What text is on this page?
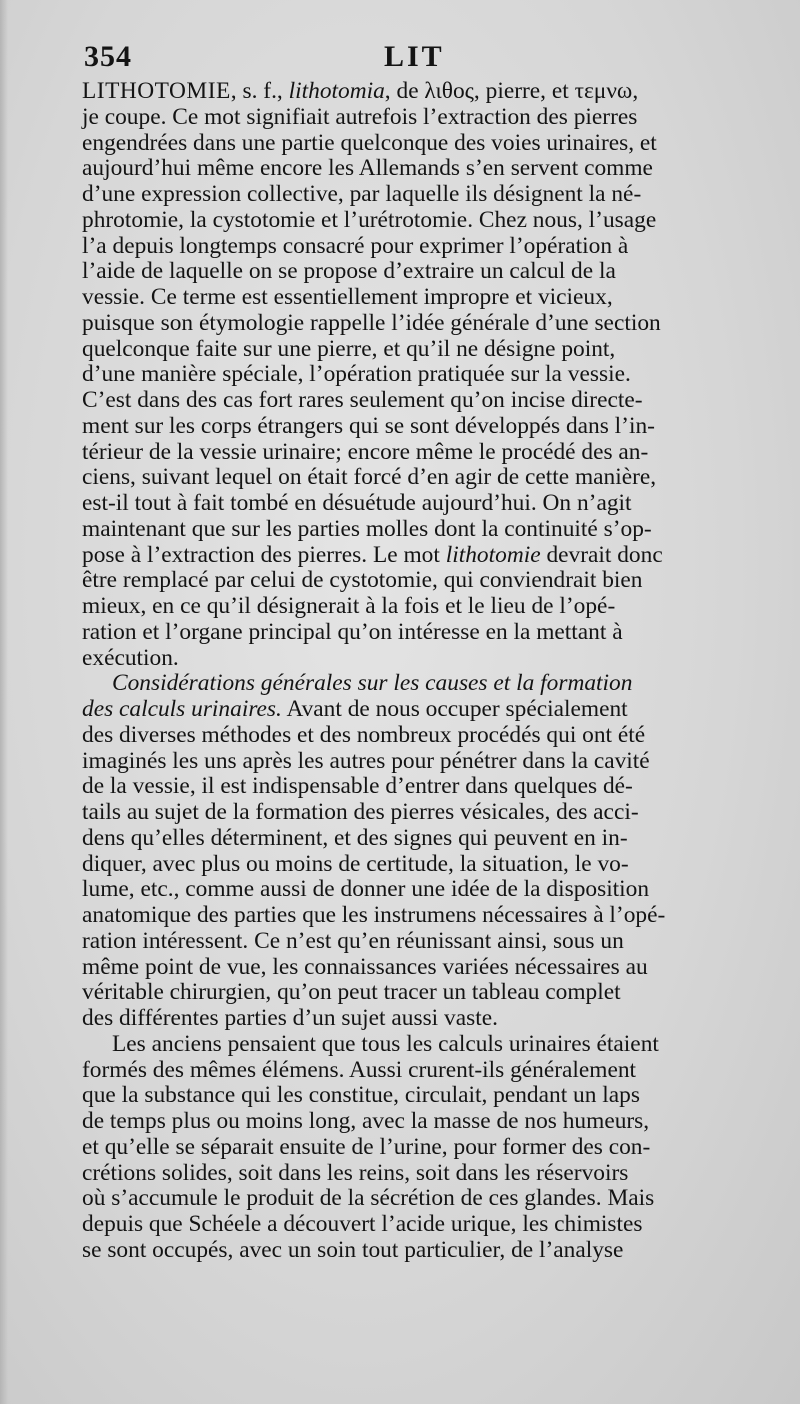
354	LIT
LITHOTOMIE, s. f., lithotomia, de λιθος, pierre, et τεμνω,
je coupe. Ce mot signifiait autrefois l’extraction des pierres
engendrées dans une partie quelconque des voies urinaires, et
aujourd’hui même encore les Allemands s’en servent comme
d’une expression collective, par laquelle ils désignent la né-
phrotomie, la cystotomie et l’urétrotomie. Chez nous, l’usage
l’a depuis longtemps consacré pour exprimer l’opération à
l’aide de laquelle on se propose d’extraire un calcul de la
vessie. Ce terme est essentiellement impropre et vicieux,
puisque son étymologie rappelle l’idée générale d’une section
quelconque faite sur une pierre, et qu’il ne désigne point,
d’une manière spéciale, l’opération pratiquée sur la vessie.
C’est dans des cas fort rares seulement qu’on incise directe-
ment sur les corps étrangers qui se sont développés dans l’in-
térieur de la vessie urinaire; encore même le procédé des an-
ciens, suivant lequel on était forcé d’en agir de cette manière,
est-il tout à fait tombé en désuétude aujourd’hui. On n’agit
maintenant que sur les parties molles dont la continuité s’op-
pose à l’extraction des pierres. Le mot lithotomie devrait donc
être remplacé par celui de cystotomie, qui conviendrait bien
mieux, en ce qu’il désignerait à la fois et le lieu de l’opé-
ration et l’organe principal qu’on intéresse en la mettant à
exécution.
Considérations générales sur les causes et la formation
des calculs urinaires. Avant de nous occuper spécialement
des diverses méthodes et des nombreux procédés qui ont été
imaginés les uns après les autres pour pénétrer dans la cavité
de la vessie, il est indispensable d’entrer dans quelques dé-
tails au sujet de la formation des pierres vésicales, des acci-
dens qu’elles déterminent, et des signes qui peuvent en in-
diquer, avec plus ou moins de certitude, la situation, le vo-
lume, etc., comme aussi de donner une idée de la disposition
anatomique des parties que les instrumens nécessaires à l’opé-
ration intéressent. Ce n’est qu’en réunissant ainsi, sous un
même point de vue, les connaissances variées nécessaires au
véritable chirurgien, qu’on peut tracer un tableau complet
des différentes parties d’un sujet aussi vaste.
Les anciens pensaient que tous les calculs urinaires étaient
formés des mêmes élémens. Aussi crurent-ils généralement
que la substance qui les constitue, circulait, pendant un laps
de temps plus ou moins long, avec la masse de nos humeurs,
et qu’elle se séparait ensuite de l’urine, pour former des con-
crétions solides, soit dans les reins, soit dans les réservoirs
où s’accumule le produit de la sécrétion de ces glandes. Mais
depuis que Schéele a découvert l’acide urique, les chimistes
se sont occupés, avec un soin tout particulier, de l’analyse
